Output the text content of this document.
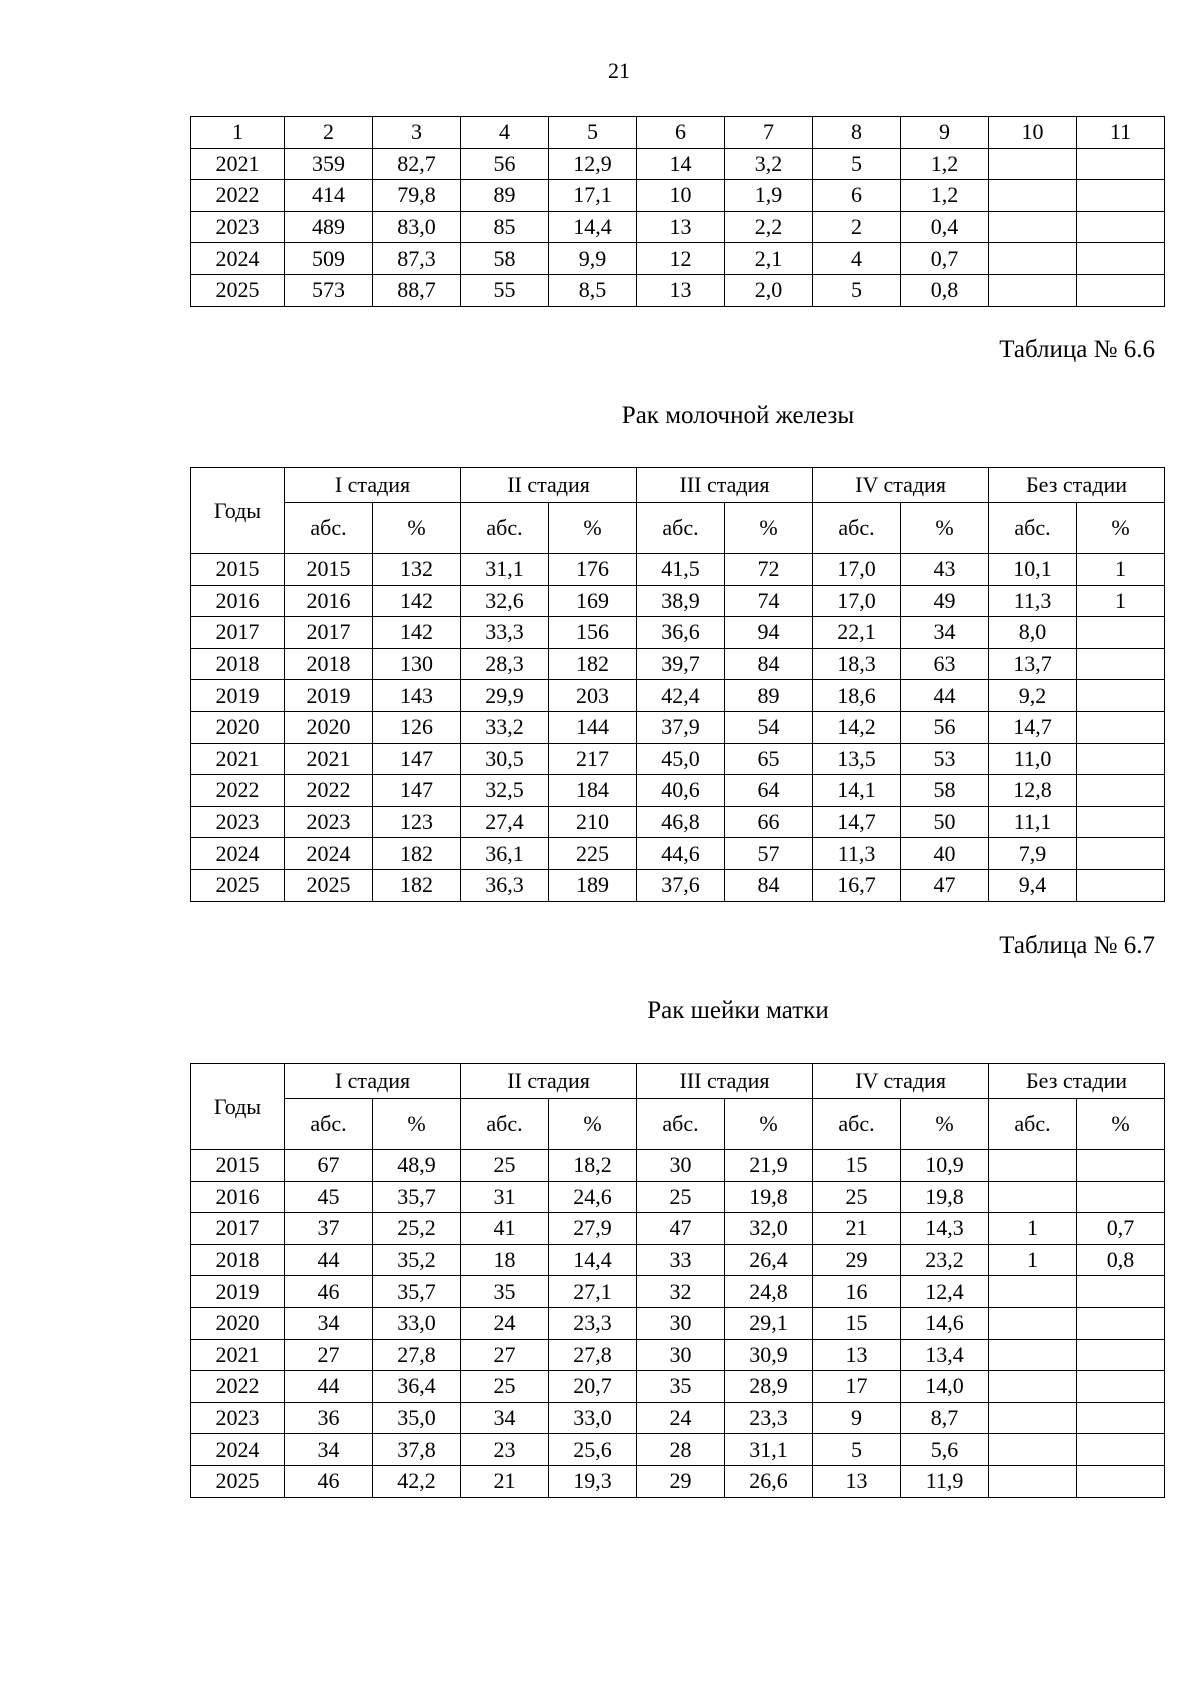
21
1	2	3	4	5	6	7	8	9	10	11
2021	359	82,7	56	12,9	14	3,2	5	1,2		
2022	414	79,8	89	17,1	10	1,9	6	1,2		
2023	489	83,0	85	14,4	13	2,2	2	0,4		
2024	509	87,3	58	9,9	12	2,1	4	0,7		
2025	573	88,7	55	8,5	13	2,0	5	0,8		
Таблица № 6.6
Рак молочной железы
Годы	I стадия		II стадия		III стадия		IV стадия		Без стадии	
	абс.	%	абс.	%	абс.	%	абс.	%	абс.	%
2015	2015	132	31,1	176	41,5	72	17,0	43	10,1	1
2016	2016	142	32,6	169	38,9	74	17,0	49	11,3	1
2017	2017	142	33,3	156	36,6	94	22,1	34	8,0	
2018	2018	130	28,3	182	39,7	84	18,3	63	13,7	
2019	2019	143	29,9	203	42,4	89	18,6	44	9,2	
2020	2020	126	33,2	144	37,9	54	14,2	56	14,7	
2021	2021	147	30,5	217	45,0	65	13,5	53	11,0	
2022	2022	147	32,5	184	40,6	64	14,1	58	12,8	
2023	2023	123	27,4	210	46,8	66	14,7	50	11,1	
2024	2024	182	36,1	225	44,6	57	11,3	40	7,9	
2025	2025	182	36,3	189	37,6	84	16,7	47	9,4	
Таблица № 6.7
Рак шейки матки
Годы	I стадия		II стадия		III стадия		IV стадия		Без стадии	
	абс.	%	абс.	%	абс.	%	абс.	%	абс.	%
2015	67	48,9	25	18,2	30	21,9	15	10,9		
2016	45	35,7	31	24,6	25	19,8	25	19,8		
2017	37	25,2	41	27,9	47	32,0	21	14,3	1	0,7
2018	44	35,2	18	14,4	33	26,4	29	23,2	1	0,8
2019	46	35,7	35	27,1	32	24,8	16	12,4		
2020	34	33,0	24	23,3	30	29,1	15	14,6		
2021	27	27,8	27	27,8	30	30,9	13	13,4		
2022	44	36,4	25	20,7	35	28,9	17	14,0		
2023	36	35,0	34	33,0	24	23,3	9	8,7		
2024	34	37,8	23	25,6	28	31,1	5	5,6		
2025	46	42,2	21	19,3	29	26,6	13	11,9		
